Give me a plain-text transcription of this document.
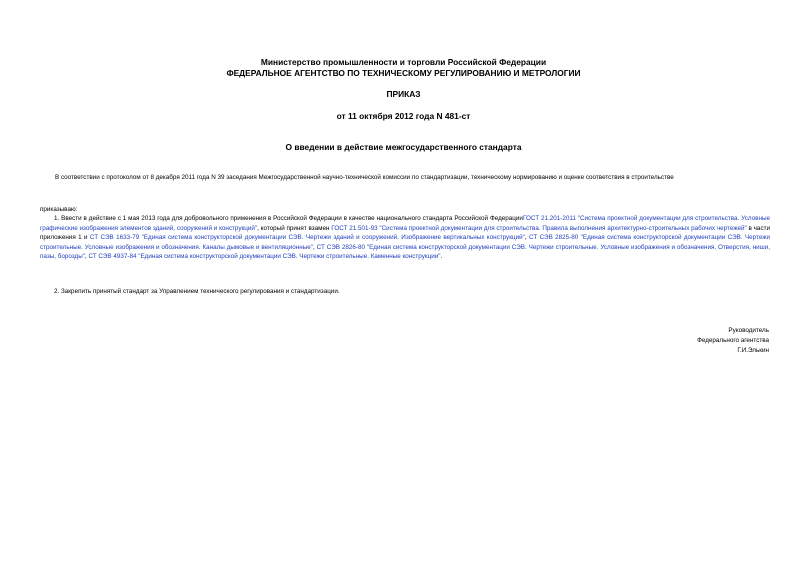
Министерство промышленности и торговли Российской Федерации
ФЕДЕРАЛЬНОЕ АГЕНТСТВО ПО ТЕХНИЧЕСКОМУ РЕГУЛИРОВАНИЮ И МЕТРОЛОГИИ
ПРИКАЗ
от 11 октября 2012 года N 481-ст
О введении в действие межгосударственного стандарта
В соответствии с протоколом от 8 декабря 2011 года N 39 заседания Межгосударственной научно-технической комиссии по стандартизации, техническому нормированию и оценке соответствия в строительстве
приказываю:
1. Ввести в действие с 1 мая 2013 года для добровольного применения в Российской Федерации в качестве национального стандарта Российской ФедерацииГОСТ 21.201-2011 "Система проектной документации для строительства. Условные графические изображения элементов зданий, сооружений и конструкций", который принят взамен ГОСТ 21.501-93 "Система проектной документации для строительства. Правила выполнения архитектурно-строительных рабочих чертежей" в части приложения 1 и СТ СЭВ 1633-79 "Единая система конструкторской документации СЭВ. Чертежи зданий и сооружений. Изображение вертикальных конструкций", СТ СЭВ 2825-80 "Единая система конструкторской документации СЭВ. Чертежи строительные. Условные изображения и обозначения. Каналы дымовые и вентиляционные", СТ СЭВ 2826-80 "Единая система конструкторской документации СЭВ. Чертежи строительные. Условные изображения и обозначения. Отверстия, ниши, пазы, борозды", СТ СЭВ 4937-84 "Единая система конструкторской документации СЭВ. Чертежи строительные. Каменные конструкции".
2. Закрепить принятый стандарт за Управлением технического регулирования и стандартизации.
Руководитель
Федерального агентства
Г.И.Элькин
